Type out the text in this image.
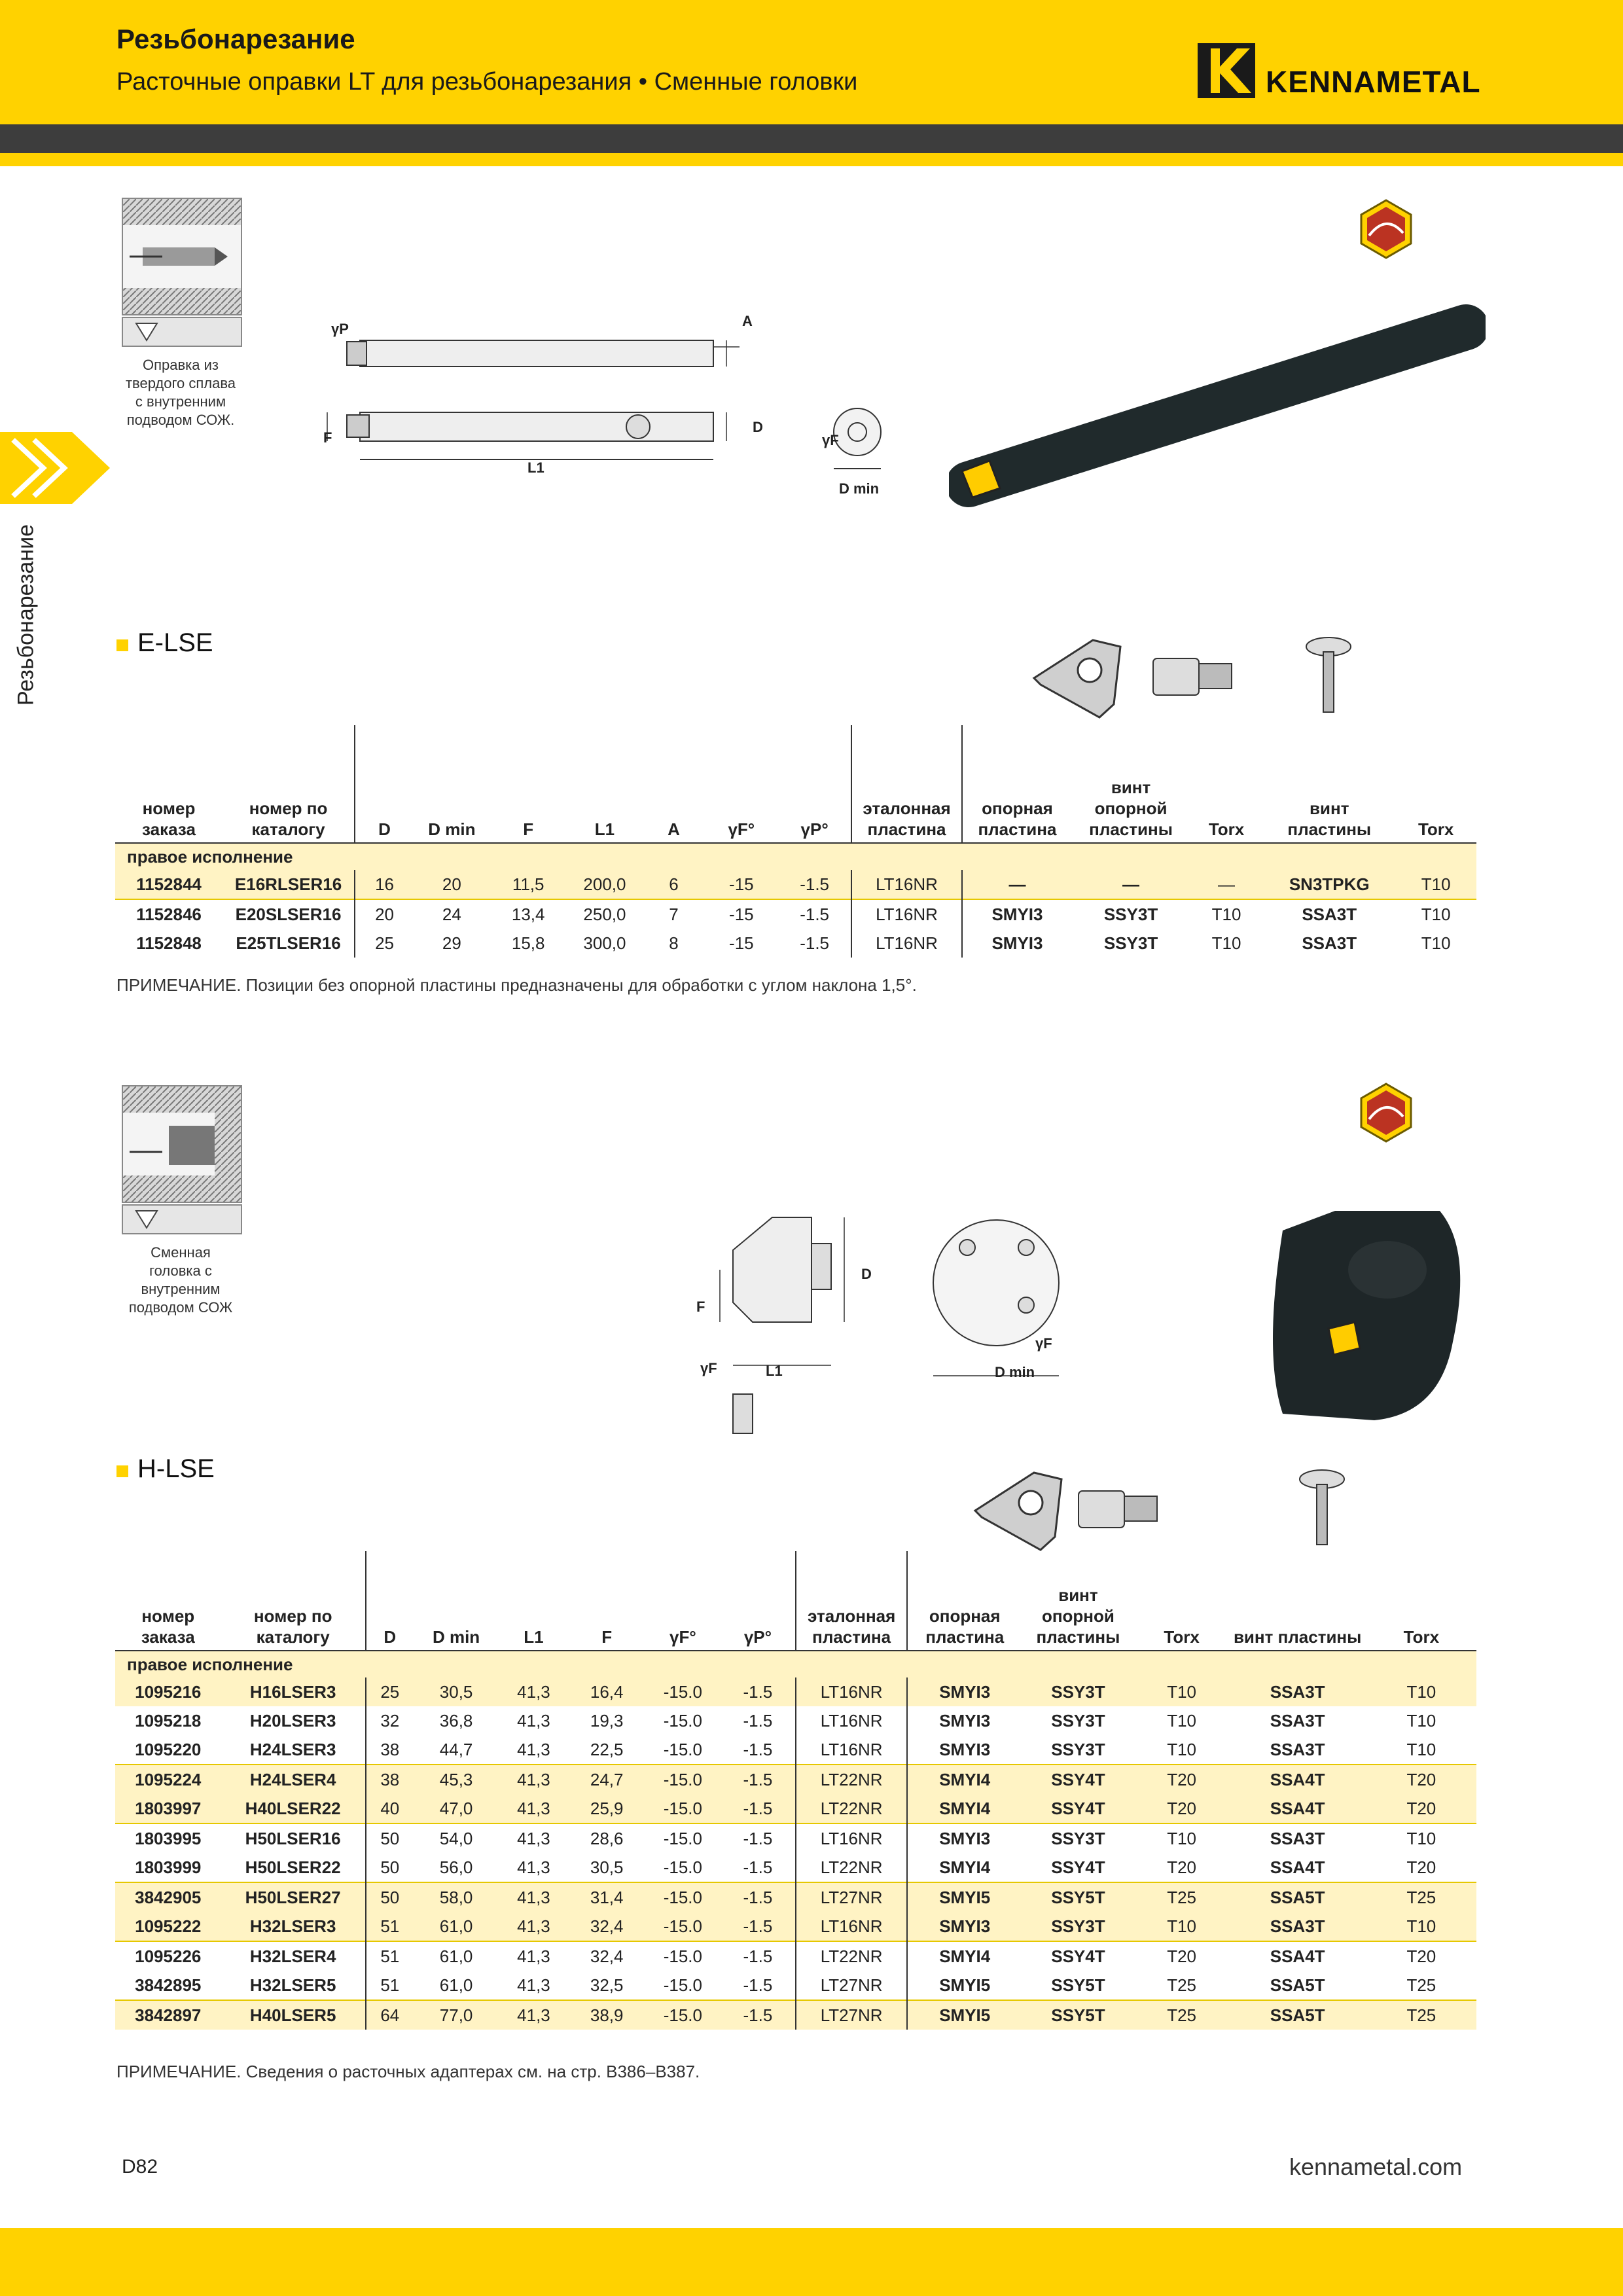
Резьбонарезание
Расточные оправки LT для резьбонарезания • Сменные головки	KENNAMETAL
Резьбонарезание
Оправка из
твердого сплава
с внутренним
подводом СОЖ.
γP	A
F
D
L1
γF
D min
E-LSE
номер заказа	номер по каталогу	D	D min	F	L1	A	γF°	γP°	эталонная пластина	опорная пластина	винт опорной пластины	Torx	винт пластины	Torx
правое исполнение														
1152844	E16RLSER16	16	20	11,5	200,0	6	-15	-1.5	LT16NR	—	—	—	SN3TPKG	T10
1152846	E20SLSER16	20	24	13,4	250,0	7	-15	-1.5	LT16NR	SMYI3	SSY3T	T10	SSA3T	T10
1152848	E25TLSER16	25	29	15,8	300,0	8	-15	-1.5	LT16NR	SMYI3	SSY3T	T10	SSA3T	T10
ПРИМЕЧАНИЕ. Позиции без опорной пластины предназначены для обработки с углом наклона 1,5°.
Сменная
головка с
внутренним
подводом СОЖ	F
D
L1
γF
γF
D min
H-LSE
номер заказа	номер по каталогу	D	D min	L1	F	γF°	γP°	эталонная пластина	опорная пластина	винт опорной пластины	Torx	винт пластины	Torx
правое исполнение													
1095216	H16LSER3	25	30,5	41,3	16,4	-15.0	-1.5	LT16NR	SMYI3	SSY3T	T10	SSA3T	T10
1095218	H20LSER3	32	36,8	41,3	19,3	-15.0	-1.5	LT16NR	SMYI3	SSY3T	T10	SSA3T	T10
1095220	H24LSER3	38	44,7	41,3	22,5	-15.0	-1.5	LT16NR	SMYI3	SSY3T	T10	SSA3T	T10
1095224	H24LSER4	38	45,3	41,3	24,7	-15.0	-1.5	LT22NR	SMYI4	SSY4T	T20	SSA4T	T20
1803997	H40LSER22	40	47,0	41,3	25,9	-15.0	-1.5	LT22NR	SMYI4	SSY4T	T20	SSA4T	T20
1803995	H50LSER16	50	54,0	41,3	28,6	-15.0	-1.5	LT16NR	SMYI3	SSY3T	T10	SSA3T	T10
1803999	H50LSER22	50	56,0	41,3	30,5	-15.0	-1.5	LT22NR	SMYI4	SSY4T	T20	SSA4T	T20
3842905	H50LSER27	50	58,0	41,3	31,4	-15.0	-1.5	LT27NR	SMYI5	SSY5T	T25	SSA5T	T25
1095222	H32LSER3	51	61,0	41,3	32,4	-15.0	-1.5	LT16NR	SMYI3	SSY3T	T10	SSA3T	T10
1095226	H32LSER4	51	61,0	41,3	32,4	-15.0	-1.5	LT22NR	SMYI4	SSY4T	T20	SSA4T	T20
3842895	H32LSER5	51	61,0	41,3	32,5	-15.0	-1.5	LT27NR	SMYI5	SSY5T	T25	SSA5T	T25
3842897	H40LSER5	64	77,0	41,3	38,9	-15.0	-1.5	LT27NR	SMYI5	SSY5T	T25	SSA5T	T25
ПРИМЕЧАНИЕ. Сведения о расточных адаптерах см. на стр. B386–B387.
D82	kennametal.com
